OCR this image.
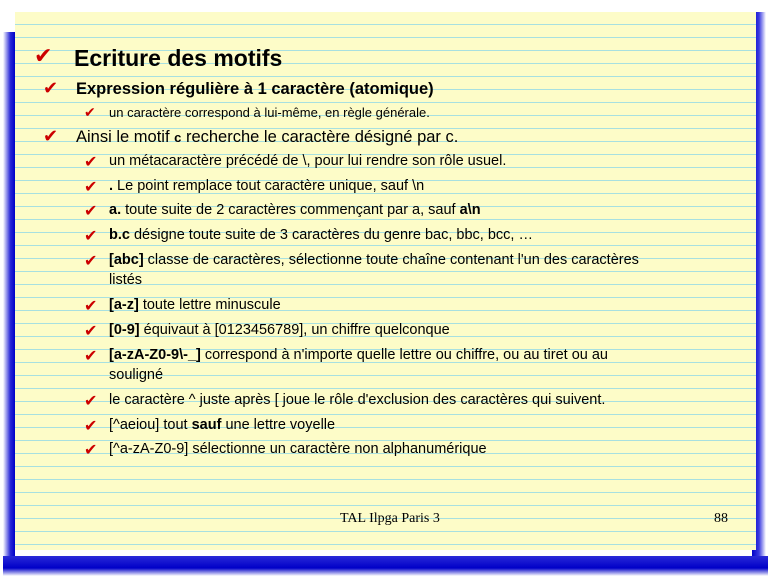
✔ Ecriture des motifs
✔ Expression régulière à 1 caractère (atomique)
✔ un caractère correspond à lui-même, en règle générale.
✔ Ainsi le motif c recherche le caractère désigné par c.
✔ un métacaractère précédé de \, pour lui rendre son rôle usuel.
✔ . Le point remplace tout caractère unique, sauf \n
✔ a. toute suite de 2 caractères commençant par a, sauf a\n
✔ b.c désigne toute suite de 3 caractères du genre bac, bbc, bcc, …
✔ [abc] classe de caractères, sélectionne toute chaîne contenant l'un des caractères
listés
✔ [a-z] toute lettre minuscule
✔ [0-9] équivaut à [0123456789], un chiffre quelconque
✔ [a-zA-Z0-9\-_] correspond à n'importe quelle lettre ou chiffre, ou au tiret ou au
souligné
✔ le caractère ^ juste après [ joue le rôle d'exclusion des caractères qui suivent.
✔ [^aeiou] tout sauf une lettre voyelle
✔ [^a-zA-Z0-9] sélectionne un caractère non alphanumérique
TAL Ilpga Paris 3	88
